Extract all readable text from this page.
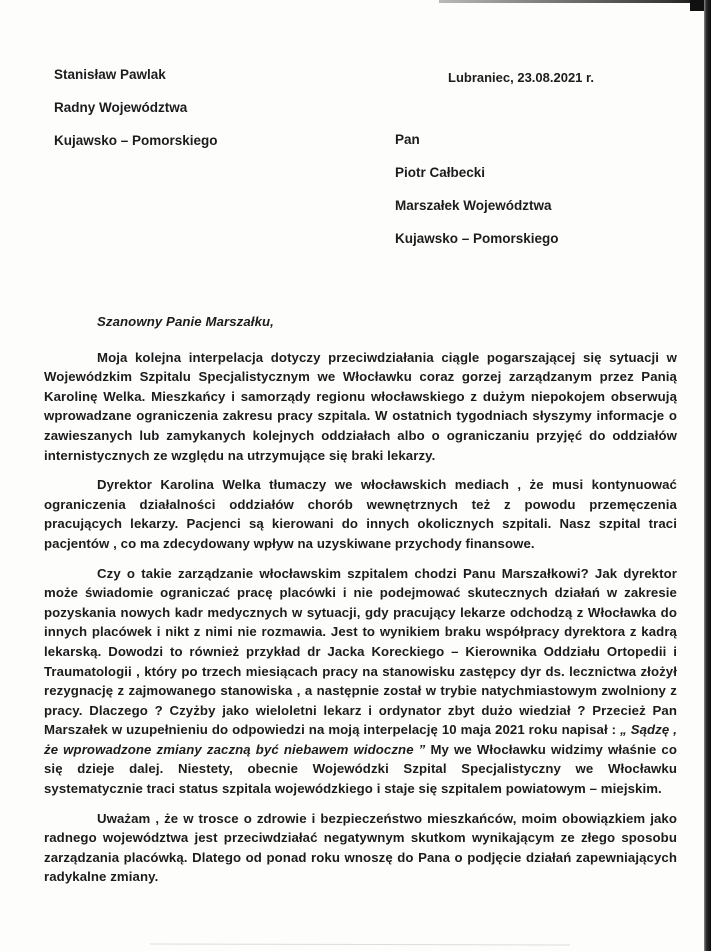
Stanisław Pawlak

Radny Województwa

Kujawsko – Pomorskiego

Lubraniec, 23.08.2021 r.

Pan

Piotr Całbecki

Marszałek Województwa

Kujawsko – Pomorskiego

Szanowny Panie Marszałku,

Moja kolejna interpelacja dotyczy przeciwdziałania ciągle pogarszającej się sytuacji w Wojewódzkim Szpitalu Specjalistycznym we Włocławku coraz gorzej zarządzanym przez Panią Karolinę Welka. Mieszkańcy i samorządy regionu włocławskiego z dużym niepokojem obserwują wprowadzane ograniczenia zakresu pracy szpitala. W ostatnich tygodniach słyszymy informacje o zawieszanych lub zamykanych kolejnych oddziałach albo o ograniczaniu przyjęć do oddziałów internistycznych ze względu na utrzymujące się braki lekarzy.

Dyrektor Karolina Welka tłumaczy we włocławskich mediach , że musi kontynuować ograniczenia działalności oddziałów chorób wewnętrznych też z powodu przemęczenia pracujących lekarzy. Pacjenci są kierowani do innych okolicznych szpitali. Nasz szpital traci pacjentów , co ma zdecydowany wpływ na uzyskiwane przychody finansowe.

Czy o takie zarządzanie włocławskim szpitalem chodzi Panu Marszałkowi? Jak dyrektor może świadomie ograniczać pracę placówki i nie podejmować skutecznych działań w zakresie pozyskania nowych kadr medycznych w sytuacji, gdy pracujący lekarze odchodzą z Włocławka do innych placówek i nikt z nimi nie rozmawia. Jest to wynikiem braku współpracy dyrektora z kadrą lekarską. Dowodzi to również przykład dr Jacka Koreckiego – Kierownika Oddziału Ortopedii i Traumatologii , który po trzech miesiącach pracy na stanowisku zastępcy dyr ds. lecznictwa złożył rezygnację z zajmowanego stanowiska , a następnie został w trybie natychmiastowym zwolniony z pracy. Dlaczego ? Czyżby jako wieloletni lekarz i ordynator zbyt dużo wiedział ? Przecież Pan Marszałek w uzupełnieniu do odpowiedzi na moją interpelację 10 maja 2021 roku napisał : „ Sądzę , że wprowadzone zmiany zaczną być niebawem widoczne ” My we Włocławku widzimy właśnie co się dzieje dalej. Niestety, obecnie Wojewódzki Szpital Specjalistyczny we Włocławku systematycznie traci status szpitala wojewódzkiego i staje się szpitalem powiatowym – miejskim.

Uważam , że w trosce o zdrowie i bezpieczeństwo mieszkańców, moim obowiązkiem jako radnego województwa jest przeciwdziałać negatywnym skutkom wynikającym ze złego sposobu zarządzania placówką. Dlatego od ponad roku wnoszę do Pana o podjęcie działań zapewniających radykalne zmiany.
